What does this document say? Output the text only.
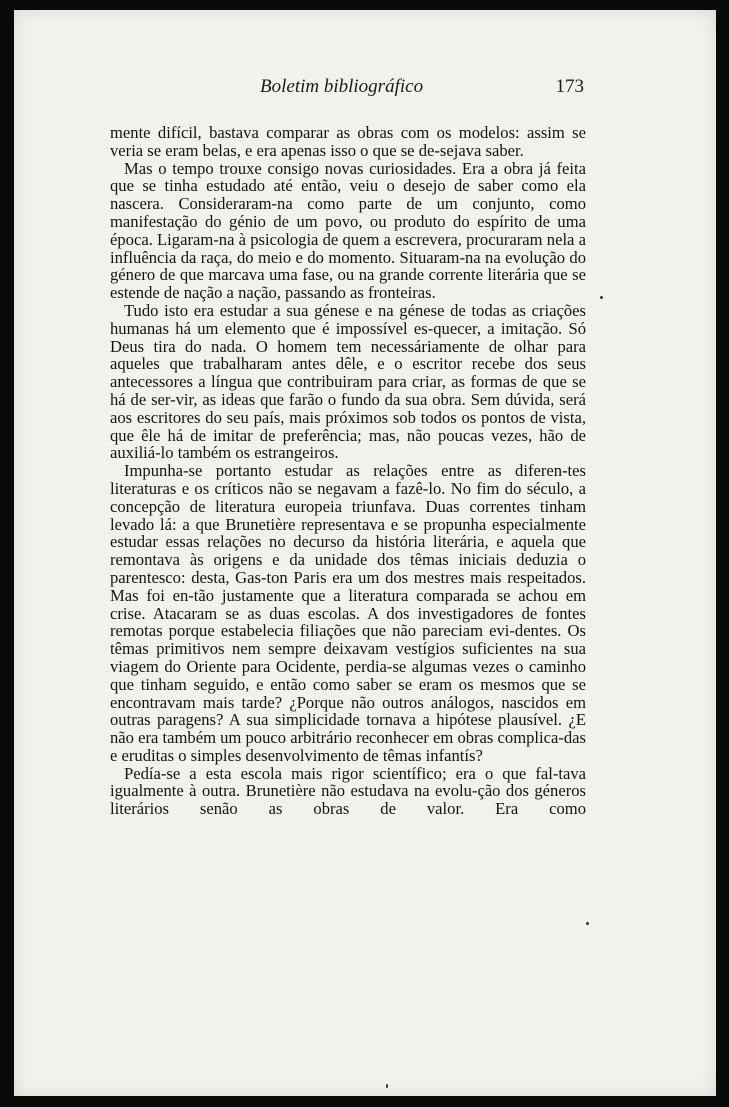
Boletim bibliográfico	173

mente difícil, bastava comparar as obras com os modelos: assim se veria se eram belas, e era apenas isso o que se de-sejava saber.

Mas o tempo trouxe consigo novas curiosidades. Era a obra já feita que se tinha estudado até então, veiu o desejo de saber como ela nascera. Consideraram-na como parte de um conjunto, como manifestação do génio de um povo, ou produto do espírito de uma época. Ligaram-na à psicologia de quem a escrevera, procuraram nela a influência da raça, do meio e do momento. Situaram-na na evolução do género de que marcava uma fase, ou na grande corrente literária que se estende de nação a nação, passando as fronteiras.

Tudo isto era estudar a sua génese e na génese de todas as criações humanas há um elemento que é impossível es-quecer, a imitação. Só Deus tira do nada. O homem tem necessáriamente de olhar para aqueles que trabalharam antes dêle, e o escritor recebe dos seus antecessores a língua que contribuiram para criar, as formas de que se há de ser-vir, as ideas que farão o fundo da sua obra. Sem dúvida, será aos escritores do seu país, mais próximos sob todos os pontos de vista, que êle há de imitar de preferência; mas, não poucas vezes, hão de auxiliá-lo também os estrangeiros.

Impunha-se portanto estudar as relações entre as diferen-tes literaturas e os críticos não se negavam a fazê-lo. No fim do século, a concepção de literatura europeia triunfava. Duas correntes tinham levado lá: a que Brunetière representava e se propunha especialmente estudar essas relações no decurso da história literária, e aquela que remontava às origens e da unidade dos têmas iniciais deduzia o parentesco: desta, Gas-ton Paris era um dos mestres mais respeitados. Mas foi en-tão justamente que a literatura comparada se achou em crise. Atacaram se as duas escolas. A dos investigadores de fontes remotas porque estabelecia filiações que não pareciam evi-dentes. Os têmas primitivos nem sempre deixavam vestígios suficientes na sua viagem do Oriente para Ocidente, perdia-se algumas vezes o caminho que tinham seguido, e então como saber se eram os mesmos que se encontravam mais tarde? ¿Porque não outros análogos, nascidos em outras paragens? A sua simplicidade tornava a hipótese plausível. ¿E não era também um pouco arbitrário reconhecer em obras complica-das e eruditas o simples desenvolvimento de têmas infantís?

Pedía-se a esta escola mais rigor scientífico; era o que fal-tava igualmente à outra. Brunetière não estudava na evolu-ção dos géneros literários senão as obras de valor. Era como
